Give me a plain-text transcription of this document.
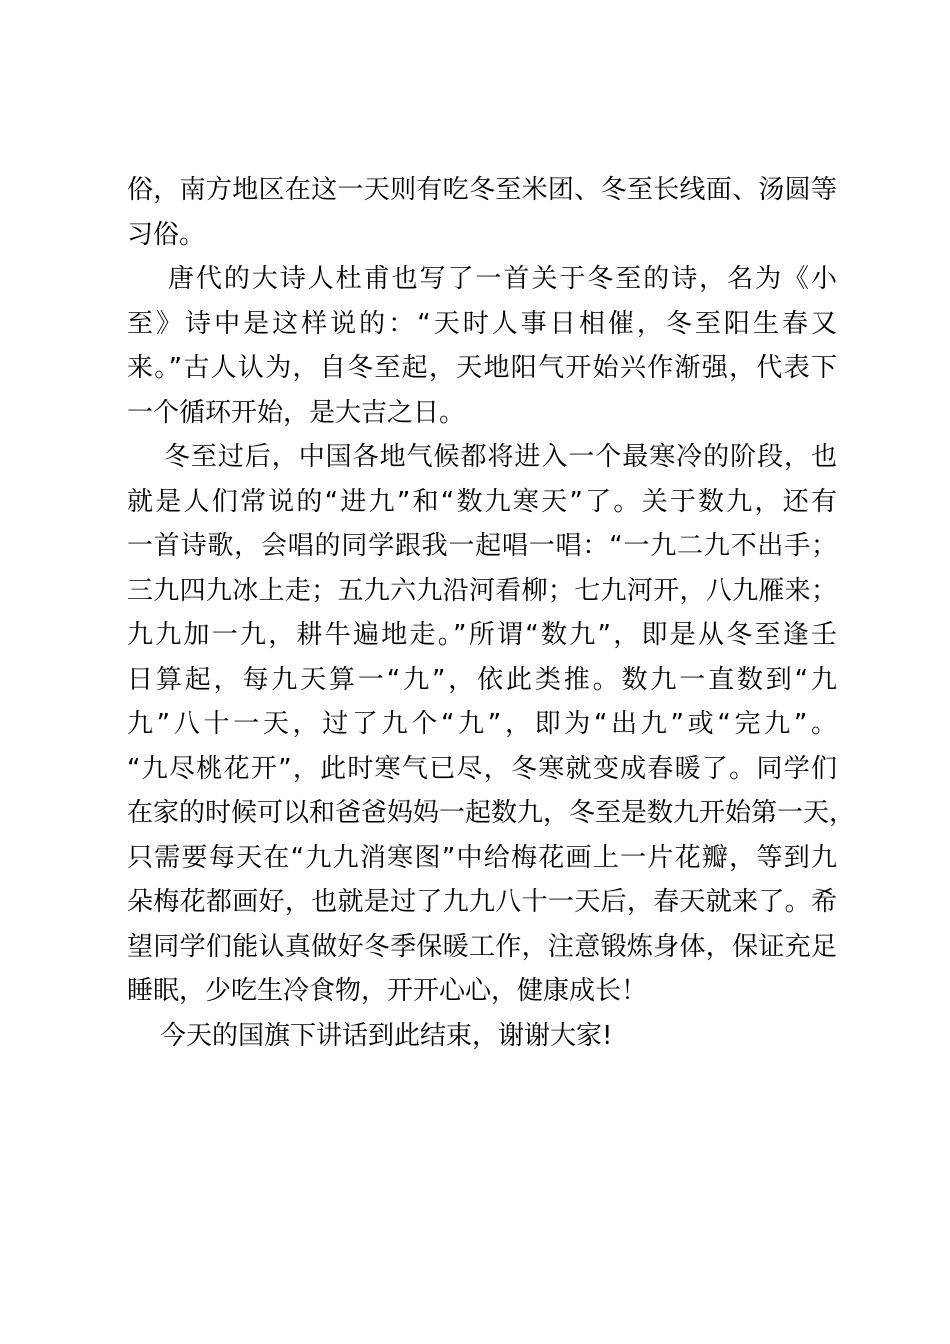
俗，南方地区在这一天则有吃冬至米团、冬至长线面、汤圆等
习俗。
唐代的大诗人杜甫也写了一首关于冬至的诗，名为《小
至》诗中是这样说的：“天时人事日相催，冬至阳生春又
来。”古人认为，自冬至起，天地阳气开始兴作渐强，代表下
一个循环开始，是大吉之日。
冬至过后，中国各地气候都将进入一个最寒冷的阶段，也
就是人们常说的“进九”和“数九寒天”了。关于数九，还有
一首诗歌，会唱的同学跟我一起唱一唱：“一九二九不出手；
三九四九冰上走；五九六九沿河看柳；七九河开，八九雁来；
九九加一九，耕牛遍地走。”所谓“数九”，即是从冬至逢壬
日算起，每九天算一“九”，依此类推。数九一直数到“九
九”八十一天，过了九个“九”，即为“出九”或“完九”。
“九尽桃花开”，此时寒气已尽，冬寒就变成春暖了。同学们
在家的时候可以和爸爸妈妈一起数九，冬至是数九开始第一天，
只需要每天在“九九消寒图”中给梅花画上一片花瓣，等到九
朵梅花都画好，也就是过了九九八十一天后，春天就来了。希
望同学们能认真做好冬季保暖工作，注意锻炼身体，保证充足
睡眠，少吃生冷食物，开开心心，健康成长！
今天的国旗下讲话到此结束，谢谢大家!
